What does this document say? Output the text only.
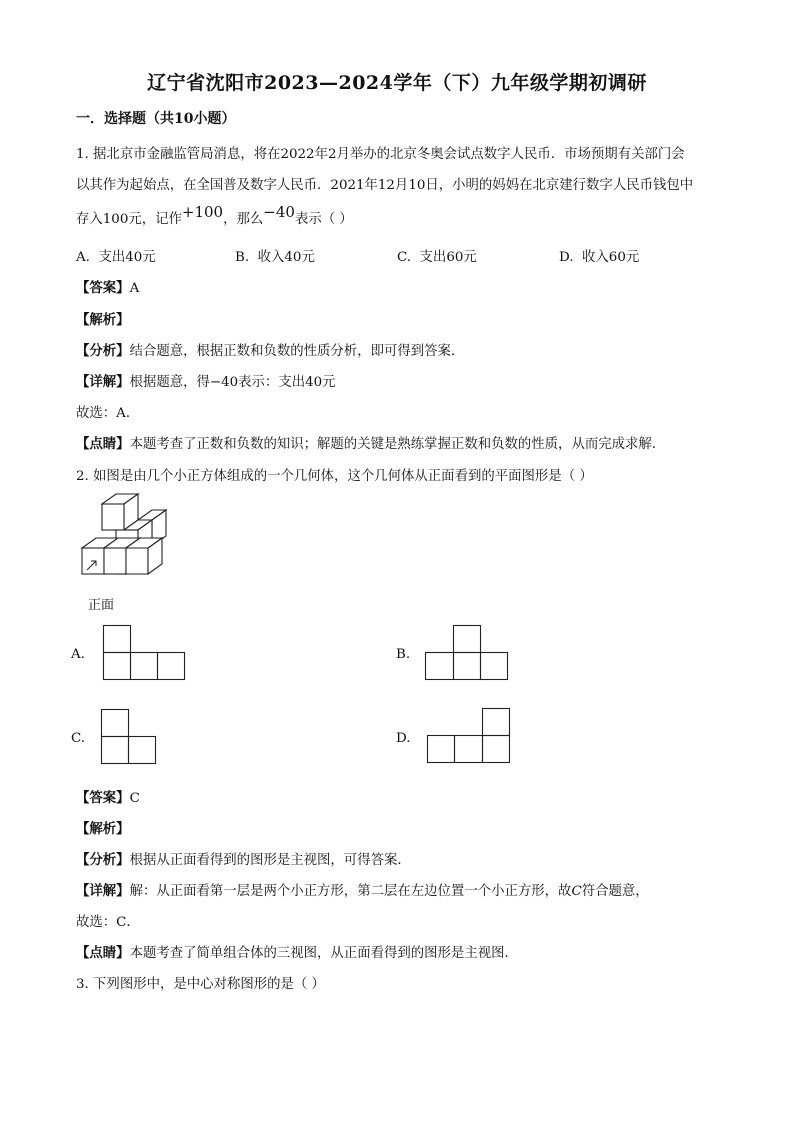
辽宁省沈阳市2023—2024学年（下）九年级学期初调研
一．选择题（共10小题）
1. 据北京市金融监管局消息，将在2022年2月举办的北京冬奥会试点数字人民币．市场预期有关部门会
以其作为起始点，在全国普及数字人民币．2021年12月10日，小明的妈妈在北京建行数字人民币钱包中
存入100元，记作+100，那么−40表示（ ）
A. 支出40元	B. 收入40元	C. 支出60元	D. 收入60元
【答案】A
【解析】
【分析】结合题意，根据正数和负数的性质分析，即可得到答案．
【详解】根据题意，得−40表示：支出40元
故选：A．
【点睛】本题考查了正数和负数的知识；解题的关键是熟练掌握正数和负数的性质，从而完成求解．
2. 如图是由几个小正方体组成的一个几何体，这个几何体从正面看到的平面图形是（ ）
正面
A.	B.
C.	D.
【答案】C
【解析】
【分析】根据从正面看得到的图形是主视图，可得答案．
【详解】解：从正面看第一层是两个小正方形，第二层在左边位置一个小正方形，故C符合题意，
故选：C．
【点睛】本题考查了简单组合体的三视图，从正面看得到的图形是主视图．
3. 下列图形中，是中心对称图形的是（ ）
